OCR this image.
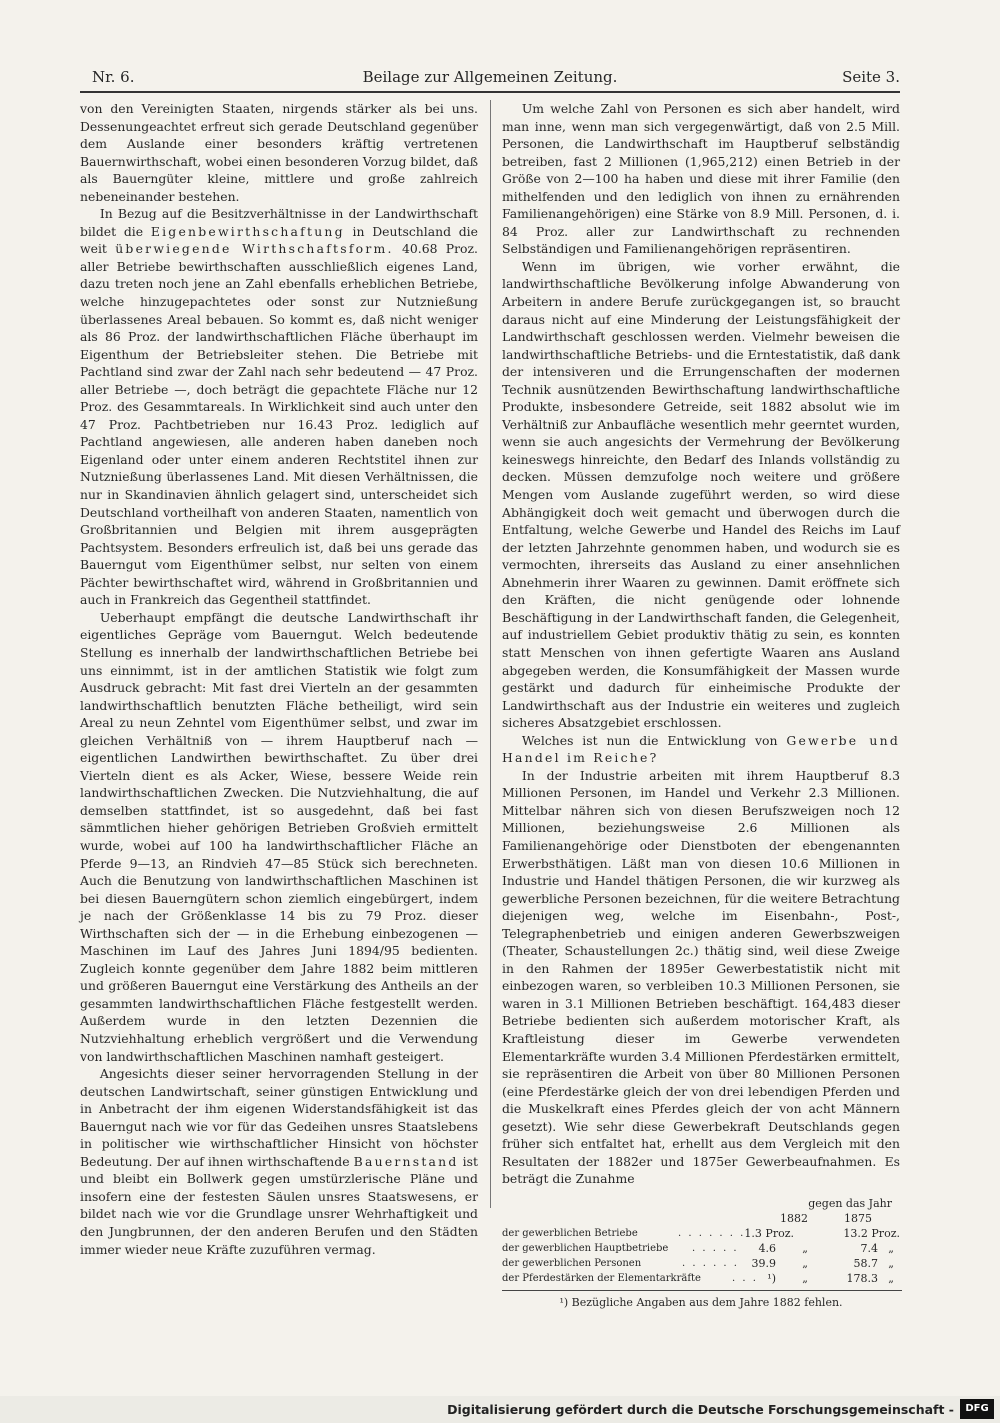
Nr. 6.	Beilage zur Allgemeinen Zeitung.	Seite 3.

von den Vereinigten Staaten, nirgends stärker als bei uns. Dessenungeachtet erfreut sich gerade Deutschland gegenüber dem Auslande einer besonders kräftig vertretenen Bauernwirthschaft, wobei einen besonderen Vorzug bildet, daß als Bauerngüter kleine, mittlere und große zahlreich nebeneinander bestehen.

In Bezug auf die Besitzverhältnisse in der Landwirthschaft bildet die Eigenbewirthschaftung in Deutschland die weit überwiegende Wirthschaftsform. 40.68 Proz. aller Betriebe bewirthschaften ausschließlich eigenes Land, dazu treten noch jene an Zahl ebenfalls erheblichen Betriebe, welche hinzugepachtetes oder sonst zur Nutznießung überlassenes Areal bebauen. So kommt es, daß nicht weniger als 86 Proz. der landwirthschaftlichen Fläche überhaupt im Eigenthum der Betriebsleiter stehen. Die Betriebe mit Pachtland sind zwar der Zahl nach sehr bedeutend — 47 Proz. aller Betriebe —, doch beträgt die gepachtete Fläche nur 12 Proz. des Gesammtareals. In Wirklichkeit sind auch unter den 47 Proz. Pachtbetrieben nur 16.43 Proz. lediglich auf Pachtland angewiesen, alle anderen haben daneben noch Eigenland oder unter einem anderen Rechtstitel ihnen zur Nutznießung überlassenes Land. Mit diesen Verhältnissen, die nur in Skandinavien ähnlich gelagert sind, unterscheidet sich Deutschland vortheilhaft von anderen Staaten, namentlich von Großbritannien und Belgien mit ihrem ausgeprägten Pachtsystem. Besonders erfreulich ist, daß bei uns gerade das Bauerngut vom Eigenthümer selbst, nur selten von einem Pächter bewirthschaftet wird, während in Großbritannien und auch in Frankreich das Gegentheil stattfindet.

Ueberhaupt empfängt die deutsche Landwirthschaft ihr eigentliches Gepräge vom Bauerngut. Welch bedeutende Stellung es innerhalb der landwirthschaftlichen Betriebe bei uns einnimmt, ist in der amtlichen Statistik wie folgt zum Ausdruck gebracht: Mit fast drei Vierteln an der gesammten landwirthschaftlich benutzten Fläche betheiligt, wird sein Areal zu neun Zehntel vom Eigenthümer selbst, und zwar im gleichen Verhältniß von — ihrem Hauptberuf nach — eigentlichen Landwirthen bewirthschaftet. Zu über drei Vierteln dient es als Acker, Wiese, bessere Weide rein landwirthschaftlichen Zwecken. Die Nutzviehhaltung, die auf demselben stattfindet, ist so ausgedehnt, daß bei fast sämmtlichen hieher gehörigen Betrieben Großvieh ermittelt wurde, wobei auf 100 ha landwirthschaftlicher Fläche an Pferde 9—13, an Rindvieh 47—85 Stück sich berechneten. Auch die Benutzung von landwirthschaftlichen Maschinen ist bei diesen Bauerngütern schon ziemlich eingebürgert, indem je nach der Größenklasse 14 bis zu 79 Proz. dieser Wirthschaften sich der — in die Erhebung einbezogenen — Maschinen im Lauf des Jahres Juni 1894/95 bedienten. Zugleich konnte gegenüber dem Jahre 1882 beim mittleren und größeren Bauerngut eine Verstärkung des Antheils an der gesammten landwirthschaftlichen Fläche festgestellt werden. Außerdem wurde in den letzten Dezennien die Nutzviehhaltung erheblich vergrößert und die Verwendung von landwirthschaftlichen Maschinen namhaft gesteigert.

Angesichts dieser seiner hervorragenden Stellung in der deutschen Landwirtschaft, seiner günstigen Entwicklung und in Anbetracht der ihm eigenen Widerstandsfähigkeit ist das Bauerngut nach wie vor für das Gedeihen unsres Staatslebens in politischer wie wirthschaftlicher Hinsicht von höchster Bedeutung. Der auf ihnen wirthschaftende Bauernstand ist und bleibt ein Bollwerk gegen umstürzlerische Pläne und insofern eine der festesten Säulen unsres Staatswesens, er bildet nach wie vor die Grundlage unsrer Wehrhaftigkeit und den Jungbrunnen, der den anderen Berufen und den Städten immer wieder neue Kräfte zuzuführen vermag.

Um welche Zahl von Personen es sich aber handelt, wird man inne, wenn man sich vergegenwärtigt, daß von 2.5 Mill. Personen, die Landwirthschaft im Hauptberuf selbständig betreiben, fast 2 Millionen (1,965,212) einen Betrieb in der Größe von 2—100 ha haben und diese mit ihrer Familie (den mithelfenden und den lediglich von ihnen zu ernährenden Familienangehörigen) eine Stärke von 8.9 Mill. Personen, d. i. 84 Proz. aller zur Landwirthschaft zu rechnenden Selbständigen und Familienangehörigen repräsentiren.

Wenn im übrigen, wie vorher erwähnt, die landwirthschaftliche Bevölkerung infolge Abwanderung von Arbeitern in andere Berufe zurückgegangen ist, so braucht daraus nicht auf eine Minderung der Leistungsfähigkeit der Landwirthschaft geschlossen werden. Vielmehr beweisen die landwirthschaftliche Betriebs- und die Erntestatistik, daß dank der intensiveren und die Errungenschaften der modernen Technik ausnützenden Bewirthschaftung landwirthschaftliche Produkte, insbesondere Getreide, seit 1882 absolut wie im Verhältniß zur Anbaufläche wesentlich mehr geerntet wurden, wenn sie auch angesichts der Vermehrung der Bevölkerung keineswegs hinreichte, den Bedarf des Inlands vollständig zu decken. Müssen demzufolge noch weitere und größere Mengen vom Auslande zugeführt werden, so wird diese Abhängigkeit doch weit gemacht und überwogen durch die Entfaltung, welche Gewerbe und Handel des Reichs im Lauf der letzten Jahrzehnte genommen haben, und wodurch sie es vermochten, ihrerseits das Ausland zu einer ansehnlichen Abnehmerin ihrer Waaren zu gewinnen. Damit eröffnete sich den Kräften, die nicht genügende oder lohnende Beschäftigung in der Landwirthschaft fanden, die Gelegenheit, auf industriellem Gebiet produktiv thätig zu sein, es konnten statt Menschen von ihnen gefertigte Waaren ans Ausland abgegeben werden, die Konsumfähigkeit der Massen wurde gestärkt und dadurch für einheimische Produkte der Landwirthschaft aus der Industrie ein weiteres und zugleich sicheres Absatzgebiet erschlossen.

Welches ist nun die Entwicklung von Gewerbe und Handel im Reiche?

In der Industrie arbeiten mit ihrem Hauptberuf 8.3 Millionen Personen, im Handel und Verkehr 2.3 Millionen. Mittelbar nähren sich von diesen Berufszweigen noch 12 Millionen, beziehungsweise 2.6 Millionen als Familienangehörige oder Dienstboten der ebengenannten Erwerbsthätigen. Läßt man von diesen 10.6 Millionen in Industrie und Handel thätigen Personen, die wir kurzweg als gewerbliche Personen bezeichnen, für die weitere Betrachtung diejenigen weg, welche im Eisenbahn-, Post-, Telegraphenbetrieb und einigen anderen Gewerbszweigen (Theater, Schaustellungen 2c.) thätig sind, weil diese Zweige in den Rahmen der 1895er Gewerbestatistik nicht mit einbezogen waren, so verbleiben 10.3 Millionen Personen, sie waren in 3.1 Millionen Betrieben beschäftigt. 164,483 dieser Betriebe bedienten sich außerdem motorischer Kraft, als Kraftleistung dieser im Gewerbe verwendeten Elementarkräfte wurden 3.4 Millionen Pferdestärken ermittelt, sie repräsentiren die Arbeit von über 80 Millionen Personen (eine Pferdestärke gleich der von drei lebendigen Pferden und die Muskelkraft eines Pferdes gleich der von acht Männern gesetzt). Wie sehr diese Gewerbekraft Deutschlands gegen früher sich entfaltet hat, erhellt aus dem Vergleich mit den Resultaten der 1882er und 1875er Gewerbeaufnahmen. Es beträgt die Zunahme

gegen das Jahr
1882	1875
der gewerblichen Betriebe	. . . . . . . 1.3 Proz.	13.2 Proz.
der gewerblichen Hauptbetriebe . . . . . 4.6 „	7.4 „
der gewerblichen Personen	. . . . . . 39.9 „	58.7 „
der Pferdestärken der Elementarkräfte	. . . ¹) „	178.3 „
¹) Bezügliche Angaben aus dem Jahre 1882 fehlen.
Digitalisierung gefördert durch die Deutsche Forschungsgemeinschaft -	DFG
